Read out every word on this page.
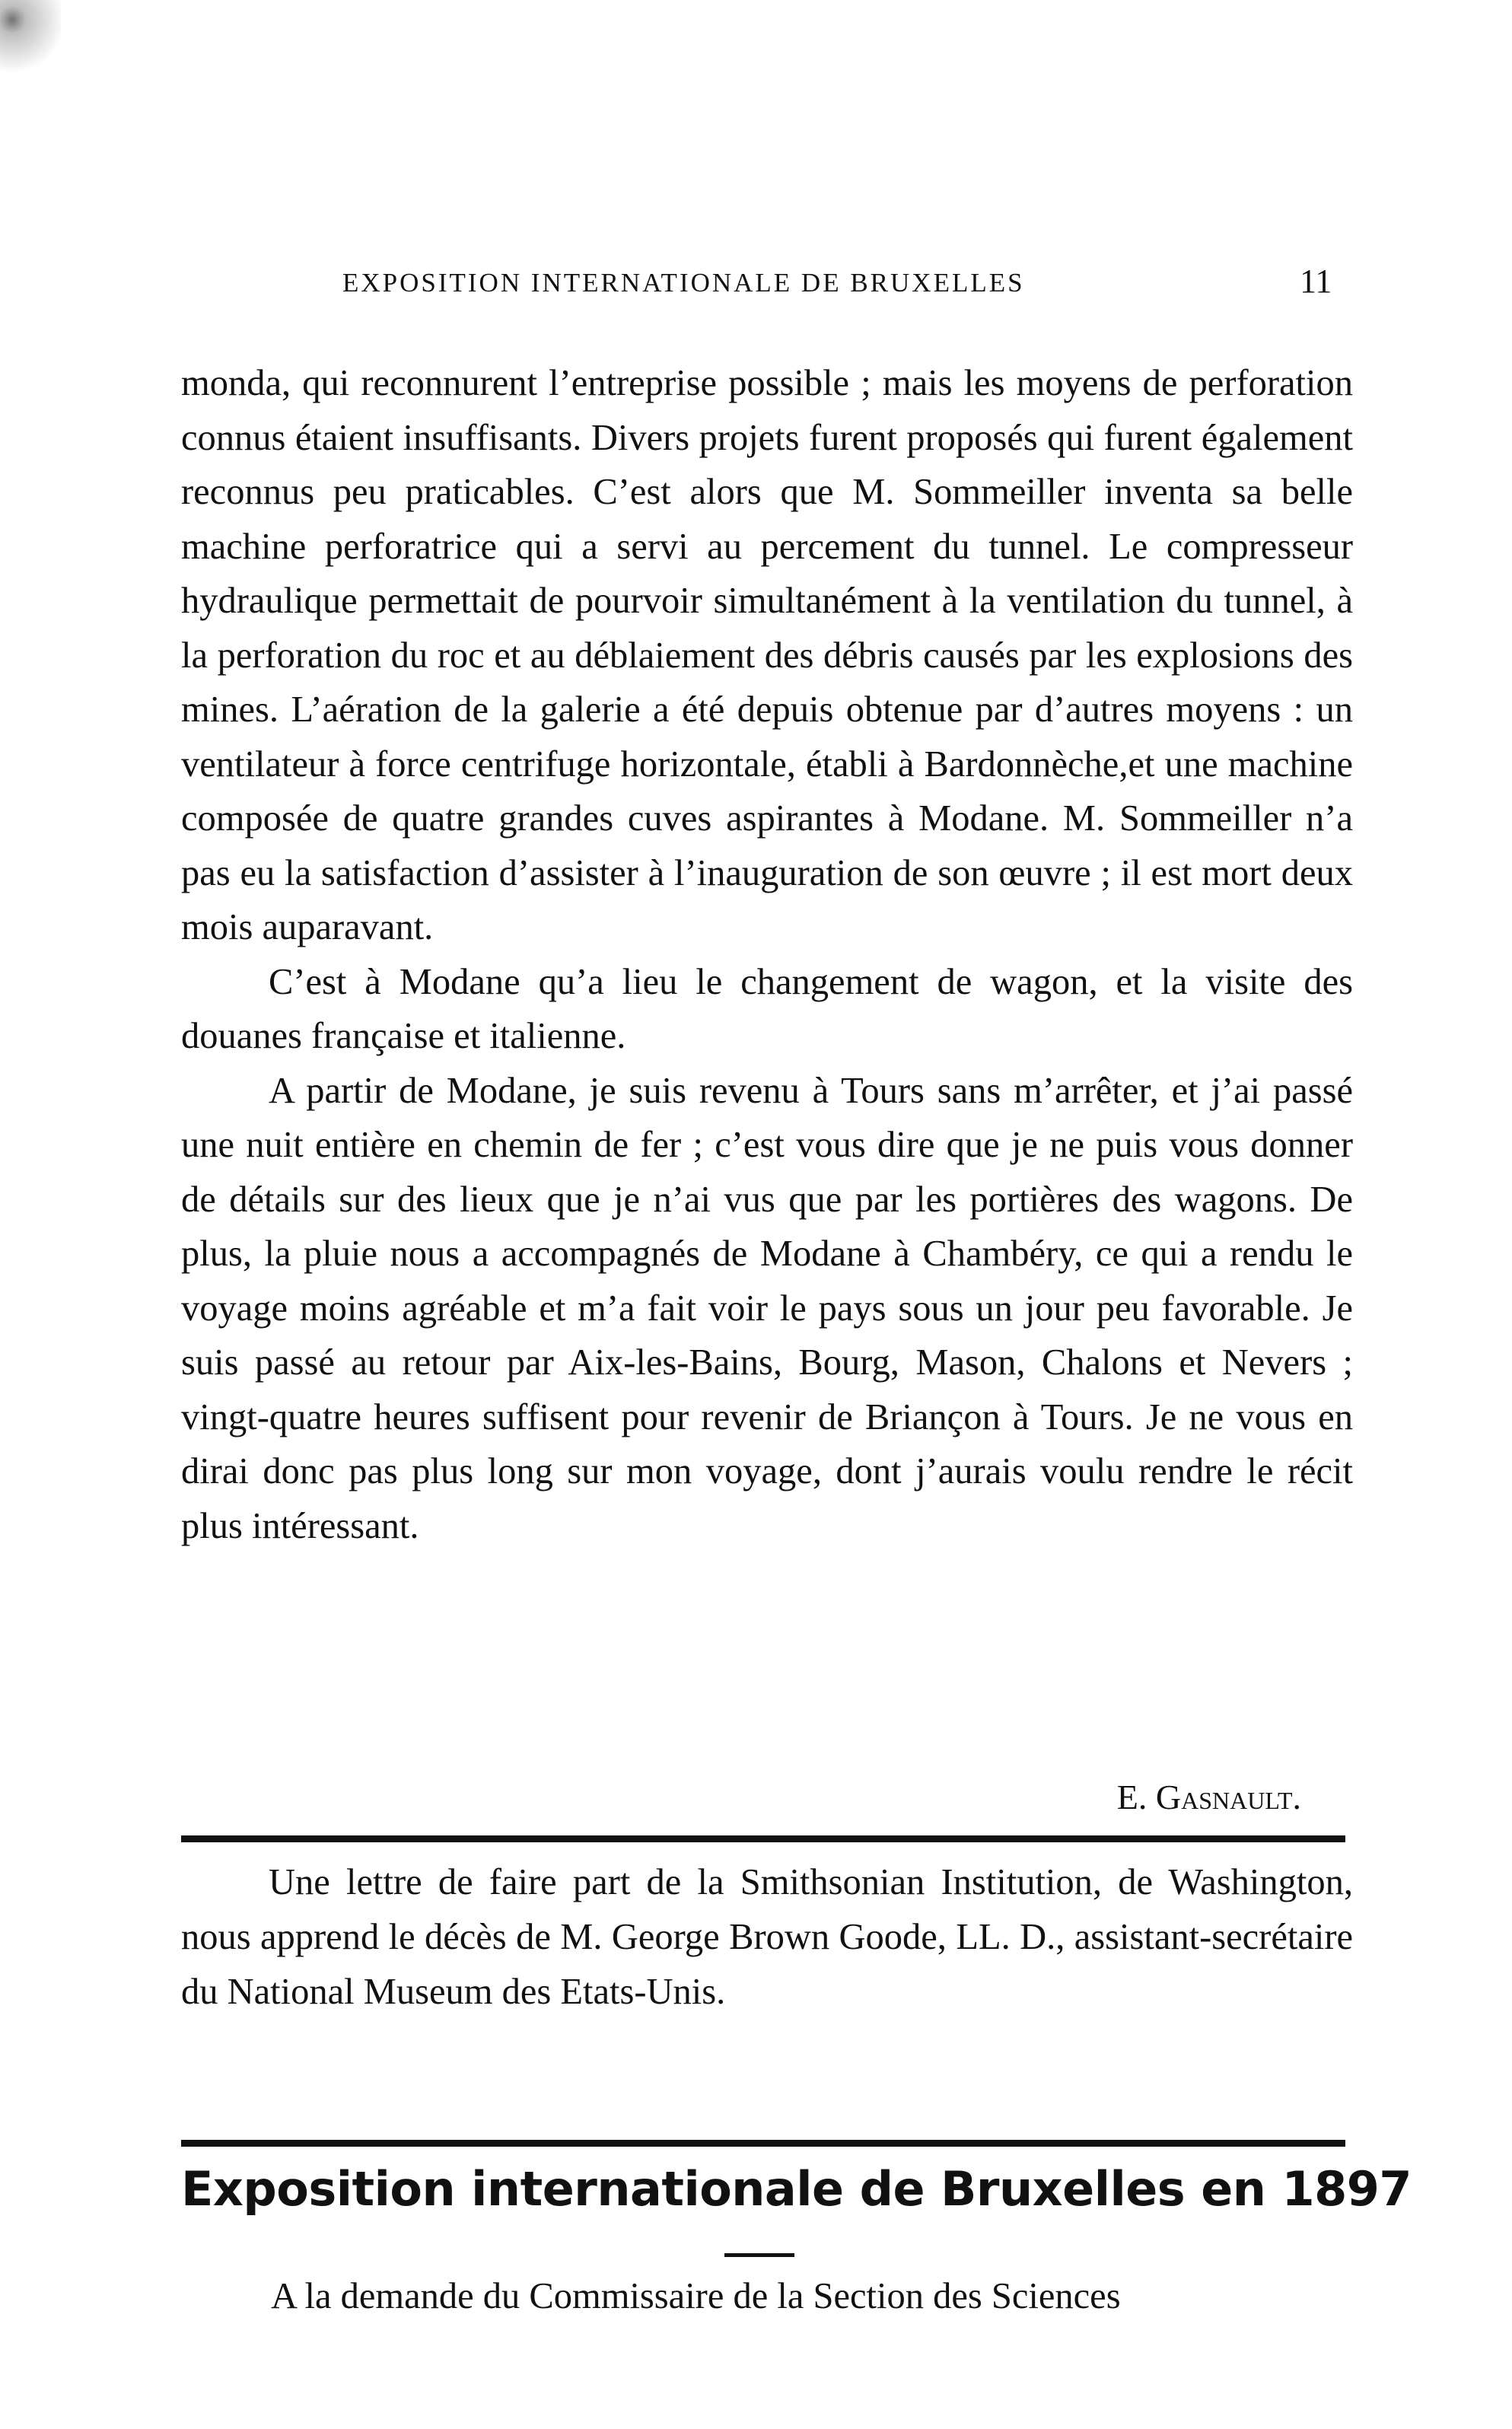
EXPOSITION INTERNATIONALE DE BRUXELLES	11

monda, qui reconnurent l’entreprise possible ; mais les moyens de perforation connus étaient insuffisants. Divers projets furent proposés qui furent également reconnus peu praticables. C’est alors que M. Sommeiller inventa sa belle machine perforatrice qui a servi au percement du tunnel. Le compresseur hydraulique permettait de pourvoir simultanément à la ventilation du tunnel, à la perforation du roc et au déblaiement des débris causés par les explosions des mines. L’aération de la galerie a été depuis obtenue par d’autres moyens : un ventilateur à force centrifuge horizontale, établi à Bardonnèche,et une machine composée de quatre grandes cuves aspirantes à Modane. M. Sommeiller n’a pas eu la satisfaction d’assister à l’inauguration de son œuvre ; il est mort deux mois auparavant.

C’est à Modane qu’a lieu le changement de wagon, et la visite des douanes française et italienne.

A partir de Modane, je suis revenu à Tours sans m’arrêter, et j’ai passé une nuit entière en chemin de fer ; c’est vous dire que je ne puis vous donner de détails sur des lieux que je n’ai vus que par les portières des wagons. De plus, la pluie nous a accompagnés de Modane à Chambéry, ce qui a rendu le voyage moins agréable et m’a fait voir le pays sous un jour peu favorable. Je suis passé au retour par Aix-les-Bains, Bourg, Mason, Chalons et Nevers ; vingt-quatre heures suffisent pour revenir de Briançon à Tours. Je ne vous en dirai donc pas plus long sur mon voyage, dont j’aurais voulu rendre le récit plus intéressant.

E. Gasnault.

Une lettre de faire part de la Smithsonian Institution, de Washington, nous apprend le décès de M. George Brown Goode, LL. D., assistant-secrétaire du National Museum des Etats-Unis.

Exposition internationale de Bruxelles en 1897
A la demande du Commissaire de la Section des Sciences
